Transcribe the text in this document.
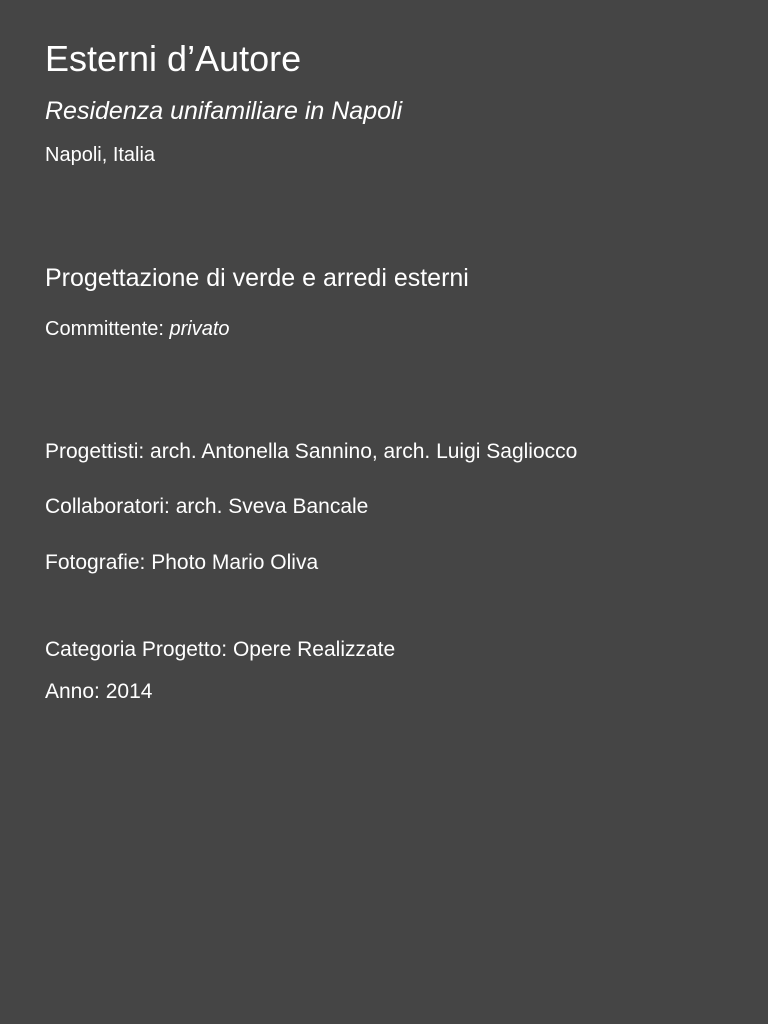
Esterni d’Autore
Residenza unifamiliare in Napoli
Napoli, Italia
Progettazione di verde e arredi esterni
Committente: privato
Progettisti: arch. Antonella Sannino, arch. Luigi Sagliocco
Collaboratori: arch. Sveva Bancale
Fotografie: Photo Mario Oliva
Categoria Progetto: Opere Realizzate
Anno: 2014
